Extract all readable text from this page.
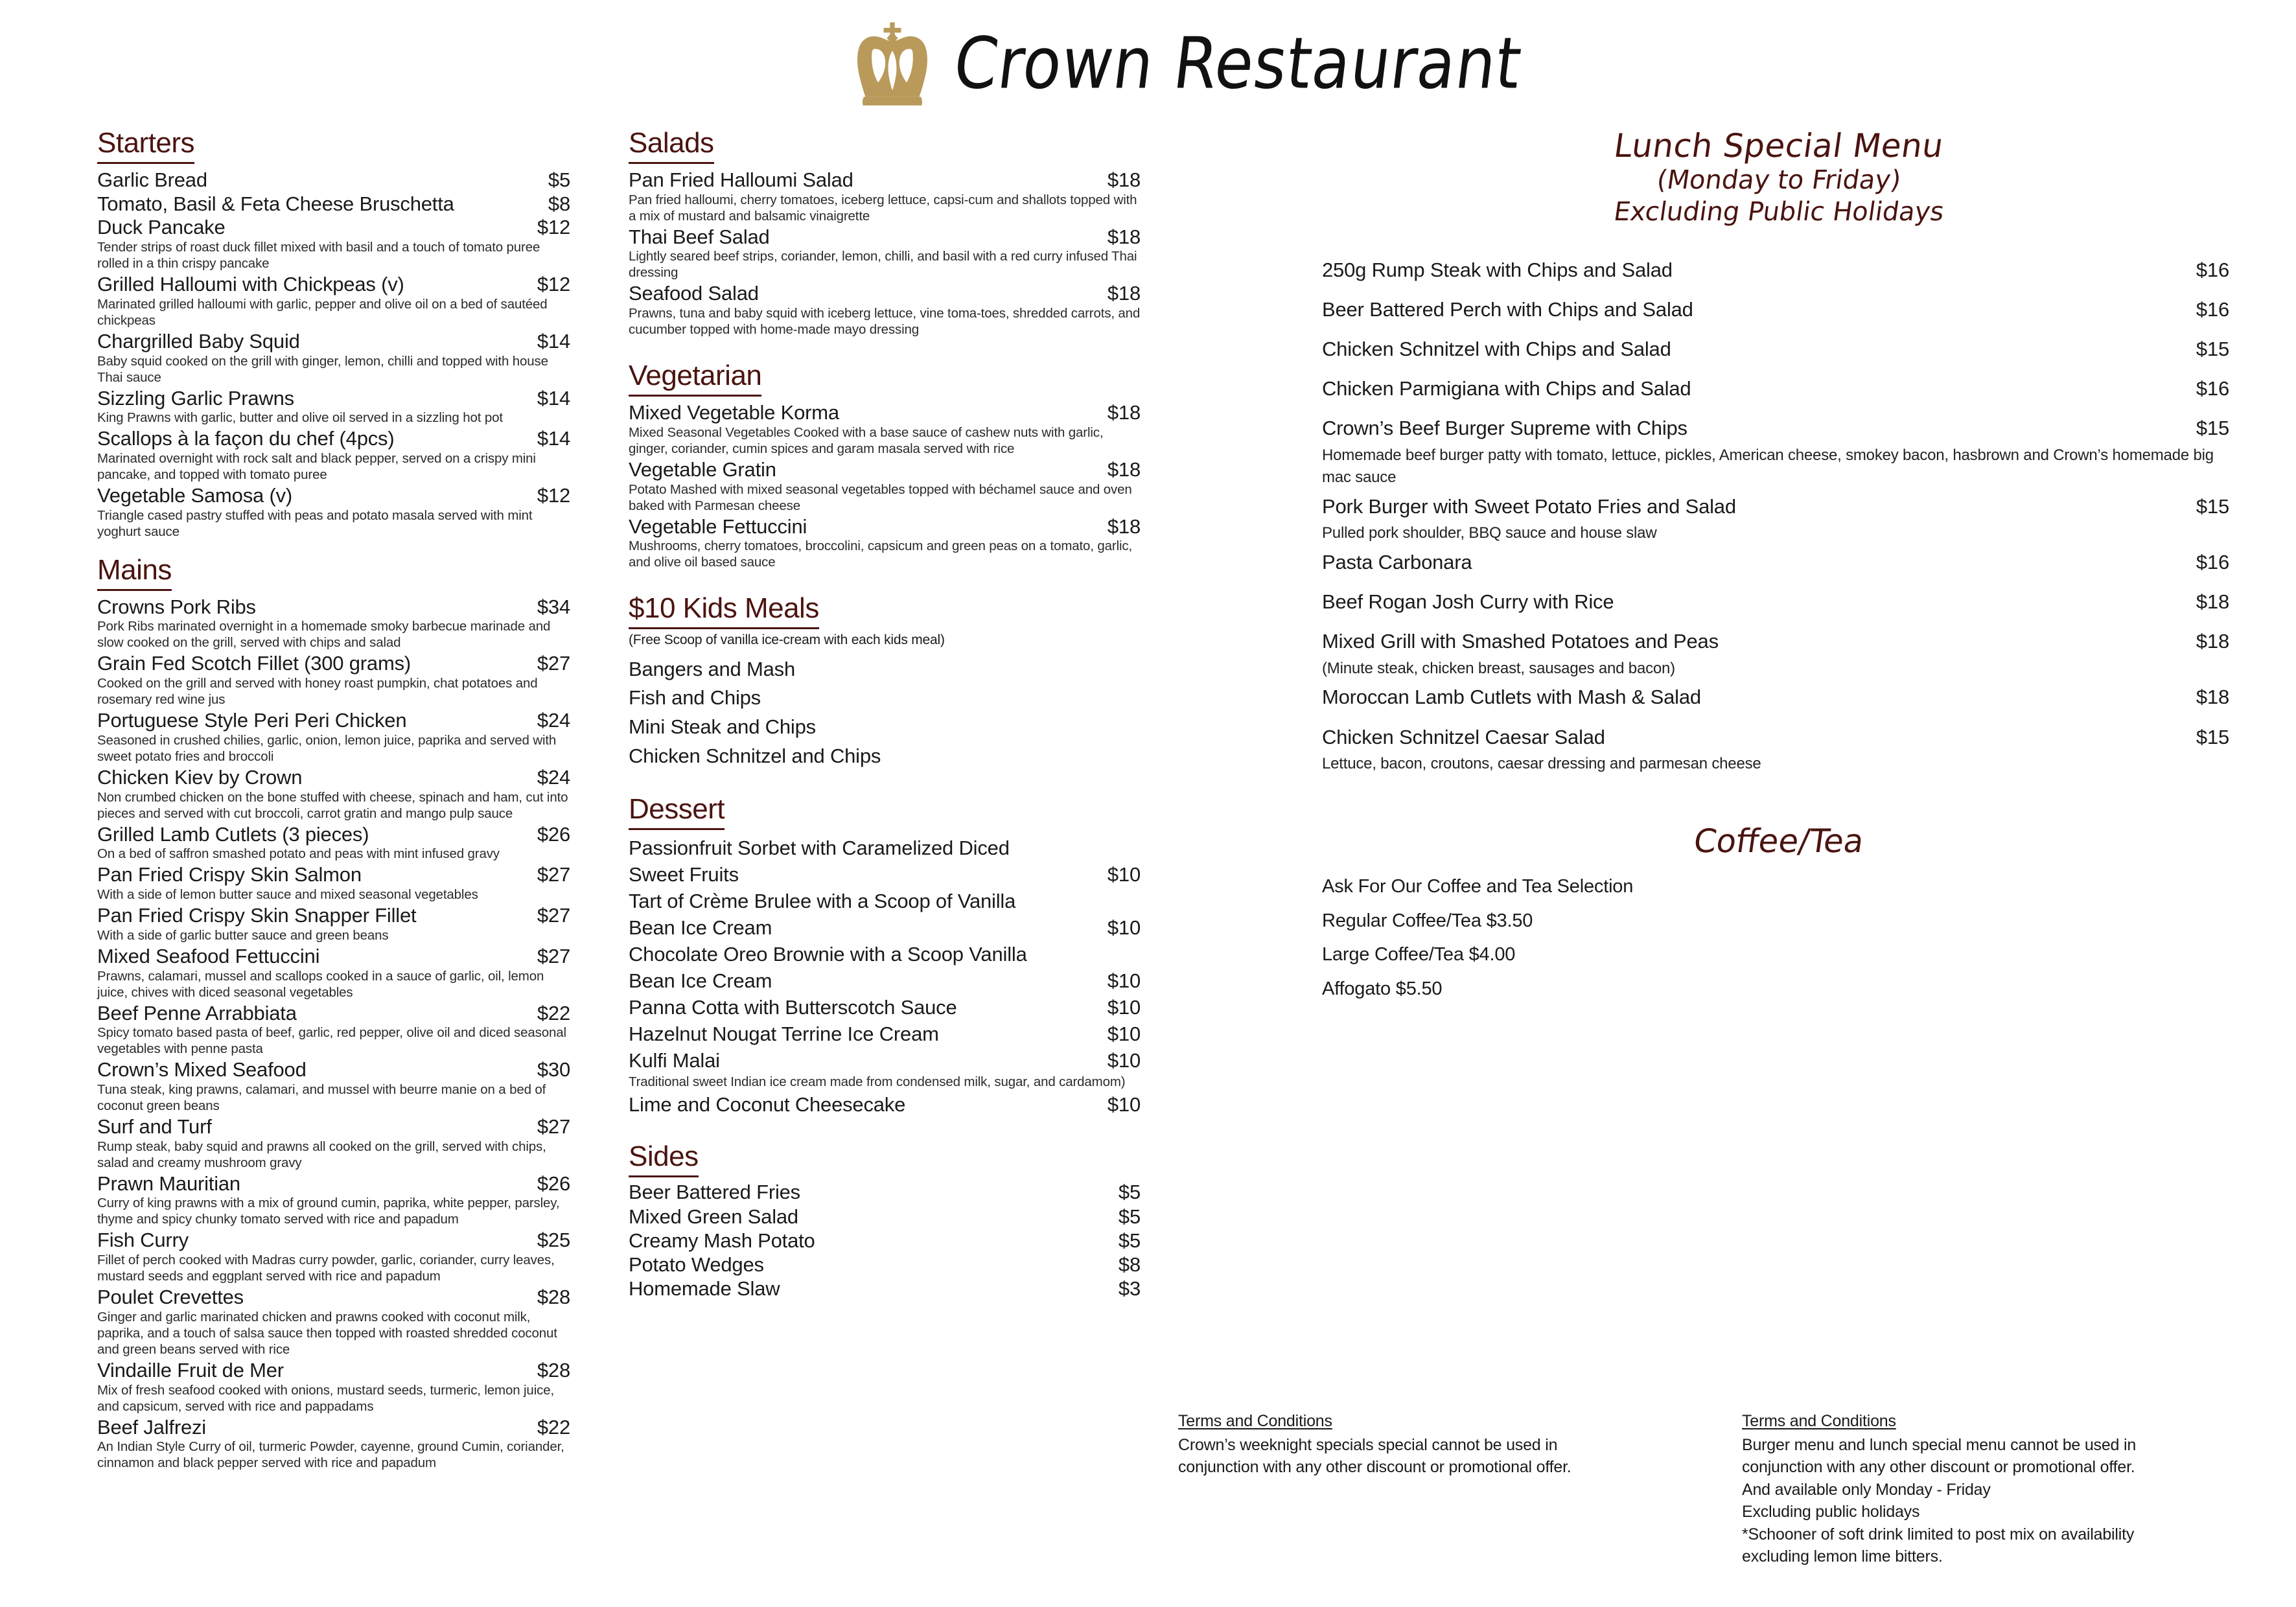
Crown Restaurant
Starters
Garlic Bread	$5
Tomato, Basil & Feta Cheese Bruschetta	$8
Duck Pancake	$12
Tender strips of roast duck fillet mixed with basil and a touch of tomato puree rolled in a thin crispy pancake
Grilled Halloumi with Chickpeas (v)	$12
Marinated grilled halloumi with garlic, pepper and olive oil on a bed of sautéed chickpeas
Chargrilled Baby Squid	$14
Baby squid cooked on the grill with ginger, lemon, chilli and topped with house Thai sauce
Sizzling Garlic Prawns	$14
King Prawns with garlic, butter and olive oil served in a sizzling hot pot
Scallops à la façon du chef (4pcs)	$14
Marinated overnight with rock salt and black pepper, served on a crispy mini pancake, and topped with tomato puree
Vegetable Samosa (v)	$12
Triangle cased pastry stuffed with peas and potato masala served with mint yoghurt sauce
Mains
Crowns Pork Ribs	$34
Pork Ribs marinated overnight in a homemade smoky barbecue marinade and slow cooked on the grill, served with chips and salad
Grain Fed Scotch Fillet (300 grams)	$27
Cooked on the grill and served with honey roast pumpkin, chat potatoes and rosemary red wine jus
Portuguese Style Peri Peri Chicken	$24
Seasoned in crushed chilies, garlic, onion, lemon juice, paprika and served with sweet potato fries and broccoli
Chicken Kiev by Crown	$24
Non crumbed chicken on the bone stuffed with cheese, spinach and ham, cut into pieces and served with cut broccoli, carrot gratin and mango pulp sauce
Grilled Lamb Cutlets (3 pieces)	$26
On a bed of saffron smashed potato and peas with mint infused gravy
Pan Fried Crispy Skin Salmon	$27
With a side of lemon butter sauce and mixed seasonal vegetables
Pan Fried Crispy Skin Snapper Fillet	$27
With a side of garlic butter sauce and green beans
Mixed Seafood Fettuccini	$27
Prawns, calamari, mussel and scallops cooked in a sauce of garlic, oil, lemon juice, chives with diced seasonal vegetables
Beef Penne Arrabbiata	$22
Spicy tomato based pasta of beef, garlic, red pepper, olive oil and diced seasonal vegetables with penne pasta
Crown’s Mixed Seafood	$30
Tuna steak, king prawns, calamari, and mussel with beurre manie on a bed of coconut green beans
Surf and Turf	$27
Rump steak, baby squid and prawns all cooked on the grill, served with chips, salad and creamy mushroom gravy
Prawn Mauritian	$26
Curry of king prawns with a mix of ground cumin, paprika, white pepper, parsley, thyme and spicy chunky tomato served with rice and papadum
Fish Curry	$25
Fillet of perch cooked with Madras curry powder, garlic, coriander, curry leaves, mustard seeds and eggplant served with rice and papadum
Poulet Crevettes	$28
Ginger and garlic marinated chicken and prawns cooked with coconut milk, paprika, and a touch of salsa sauce then topped with roasted shredded coconut and green beans served with rice
Vindaille Fruit de Mer	$28
Mix of fresh seafood cooked with onions, mustard seeds, turmeric, lemon juice, and capsicum, served with rice and pappadams
Beef Jalfrezi	$22
An Indian Style Curry of oil, turmeric Powder, cayenne, ground Cumin, coriander, cinnamon and black pepper served with rice and papadum
Salads
Pan Fried Halloumi Salad	$18
Pan fried halloumi, cherry tomatoes, iceberg lettuce, capsi-cum and shallots topped with a mix of mustard and balsamic vinaigrette
Thai Beef Salad	$18
Lightly seared beef strips, coriander, lemon, chilli, and basil with a red curry infused Thai dressing
Seafood Salad	$18
Prawns, tuna and baby squid with iceberg lettuce, vine toma-toes, shredded carrots, and cucumber topped with home-made mayo dressing
Vegetarian
Mixed Vegetable Korma	$18
Mixed Seasonal Vegetables Cooked with a base sauce of cashew nuts with garlic, ginger, coriander, cumin spices and garam masala served with rice
Vegetable Gratin	$18
Potato Mashed with mixed seasonal vegetables topped with béchamel sauce and oven baked with Parmesan cheese
Vegetable Fettuccini	$18
Mushrooms, cherry tomatoes, broccolini, capsicum and green peas on a tomato, garlic, and olive oil based sauce
$10 Kids Meals
(Free Scoop of vanilla ice-cream with each kids meal)
Bangers and Mash
Fish and Chips
Mini Steak and Chips
Chicken Schnitzel and Chips
Dessert
Passionfruit Sorbet with Caramelized Diced
Sweet Fruits	$10
Tart of Crème Brulee with a Scoop of Vanilla
Bean Ice Cream	$10
Chocolate Oreo Brownie with a Scoop Vanilla
Bean Ice Cream	$10
Panna Cotta with Butterscotch Sauce	$10
Hazelnut Nougat Terrine Ice Cream	$10
Kulfi Malai	$10
Traditional sweet Indian ice cream made from condensed milk, sugar, and cardamom)
Lime and Coconut Cheesecake	$10
Sides
Beer Battered Fries	$5
Mixed Green Salad	$5
Creamy Mash Potato	$5
Potato Wedges	$8
Homemade Slaw	$3
Lunch Special Menu
(Monday to Friday)
Excluding Public Holidays
250g Rump Steak with Chips and Salad	$16
Beer Battered Perch with Chips and Salad	$16
Chicken Schnitzel with Chips and Salad	$15
Chicken Parmigiana with Chips and Salad	$16
Crown’s Beef Burger Supreme with Chips	$15
Homemade beef burger patty with tomato, lettuce, pickles, American cheese, smokey bacon, hasbrown and Crown’s homemade big mac sauce
Pork Burger with Sweet Potato Fries and Salad	$15
Pulled pork shoulder, BBQ sauce and house slaw
Pasta Carbonara	$16
Beef Rogan Josh Curry with Rice	$18
Mixed Grill with Smashed Potatoes and Peas	$18
(Minute steak, chicken breast, sausages and bacon)
Moroccan Lamb Cutlets with Mash & Salad	$18
Chicken Schnitzel Caesar Salad	$15
Lettuce, bacon, croutons, caesar dressing and parmesan cheese
Coffee/Tea
Ask For Our Coffee and Tea Selection
Regular Coffee/Tea $3.50
Large Coffee/Tea $4.00
Affogato $5.50
Terms and Conditions
Crown’s weeknight specials special cannot be used in
conjunction with any other discount or promotional offer.
Terms and Conditions
Burger menu and lunch special menu cannot be used in
conjunction with any other discount or promotional offer.
And available only Monday - Friday
Excluding public holidays
*Schooner of soft drink limited to post mix on availability
excluding lemon lime bitters.
